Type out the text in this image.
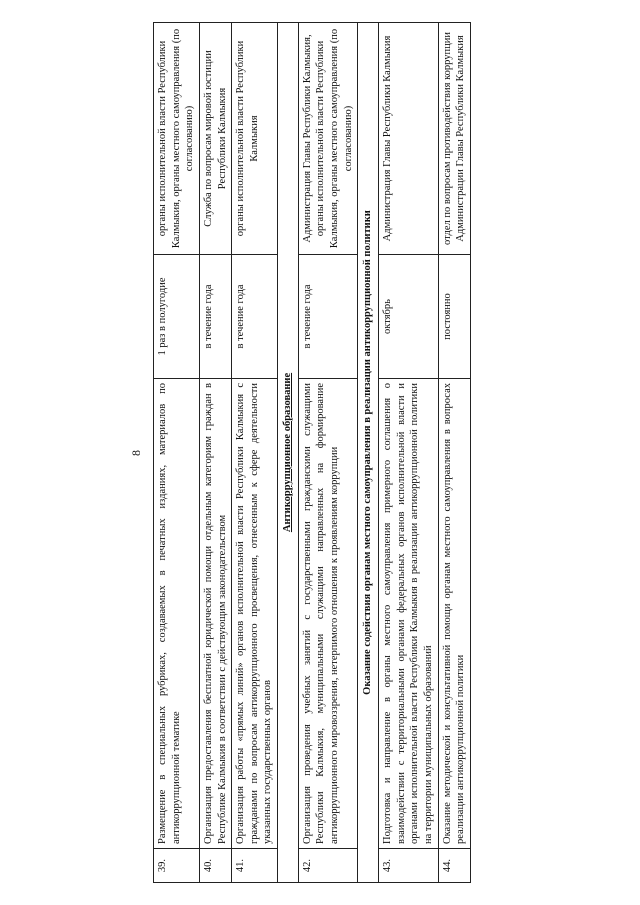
8
39.	Размещение в специальных рубриках, создаваемых в печатных изданиях, материалов по антикоррупционной тематике	1 раз в полугодие	органы исполнительной власти Республики Калмыкия, органы местного самоуправления (по согласованию)
40.	Организация предоставления бесплатной юридической помощи отдельным категориям граждан в Республике Калмыкия в соответствии с действующим законодательством	в течение года	Служба по вопросам мировой юстиции Республики Калмыкия
41.	Организация работы «прямых линий» органов исполнительной власти Республики Калмыкия с гражданами по вопросам антикоррупционного просвещения, отнесенным к сфере деятельности указанных государственных органов	в течение года	органы исполнительной власти Республики Калмыкия
Антикоррупционное образование			
42.	Организация проведения учебных занятий с государственными гражданскими служащими Республики Калмыкия, муниципальными служащими направленных на формирование антикоррупционного мировоззрения, нетерпимого отношения к проявлениям коррупции	в течение года	Администрация Главы Республики Калмыкия, органы исполнительной власти Республики Калмыкия, органы местного самоуправления (по согласованию)
Оказание содействия органам местного самоуправления в реализации антикоррупционной политики			
43.	Подготовка и направление в органы местного самоуправления примерного соглашения о взаимодействии с территориальными органами федеральных органов исполнительной власти и органами исполнительной власти Республики Калмыкия в реализации антикоррупционной политики на территории муниципальных образований	октябрь	Администрация Главы Республики Калмыкия
44.	Оказание методической и консультативной помощи органам местного самоуправления в вопросах реализации антикоррупционной политики	постоянно	отдел по вопросам противодействия коррупции Администрации Главы Республики Калмыкия
